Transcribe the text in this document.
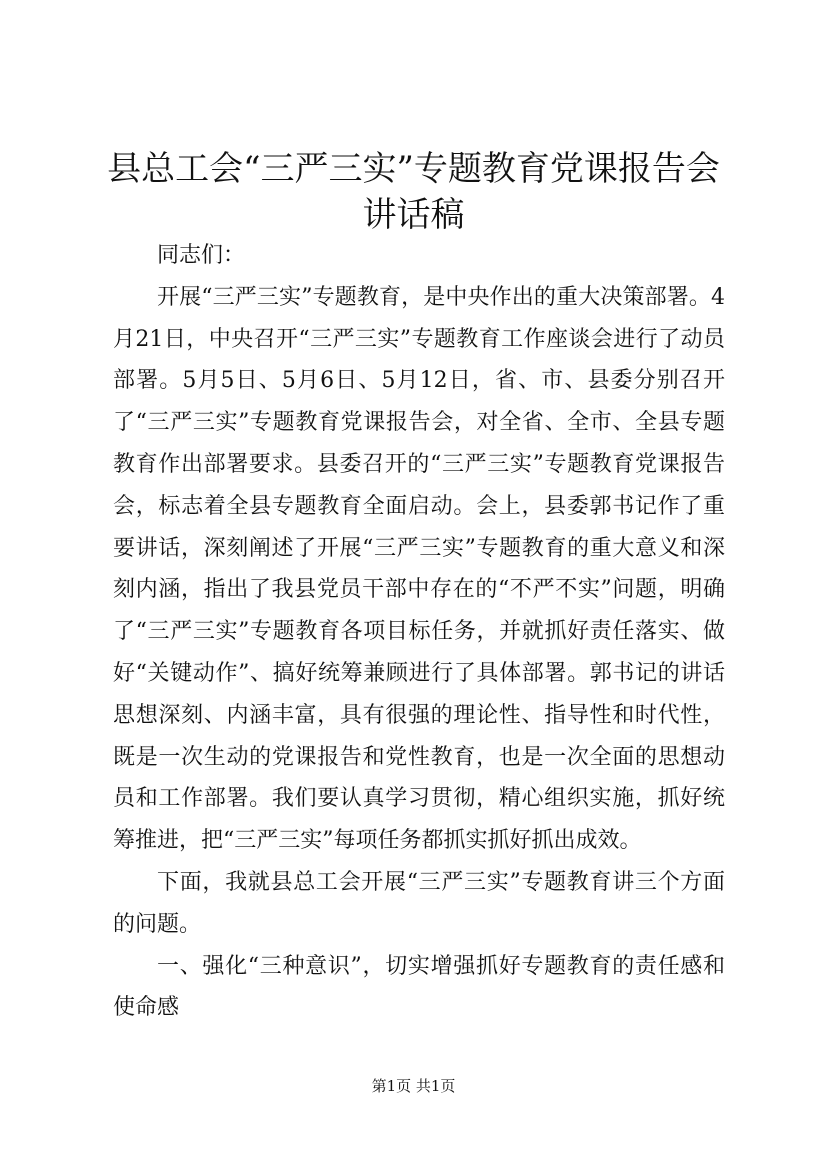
县总工会“三严三实”专题教育党课报告会讲话稿

同志们：

开展“三严三实”专题教育，是中央作出的重大决策部署。4月21日，中央召开“三严三实”专题教育工作座谈会进行了动员部署。5月5日、5月6日、5月12日，省、市、县委分别召开了“三严三实”专题教育党课报告会，对全省、全市、全县专题教育作出部署要求。县委召开的“三严三实”专题教育党课报告会，标志着全县专题教育全面启动。会上，县委郭书记作了重要讲话，深刻阐述了开展“三严三实”专题教育的重大意义和深刻内涵，指出了我县党员干部中存在的“不严不实”问题，明确了“三严三实”专题教育各项目标任务，并就抓好责任落实、做好“关键动作”、搞好统筹兼顾进行了具体部署。郭书记的讲话思想深刻、内涵丰富，具有很强的理论性、指导性和时代性，既是一次生动的党课报告和党性教育，也是一次全面的思想动员和工作部署。我们要认真学习贯彻，精心组织实施，抓好统筹推进，把“三严三实”每项任务都抓实抓好抓出成效。

下面，我就县总工会开展“三严三实”专题教育讲三个方面的问题。

一、强化“三种意识”，切实增强抓好专题教育的责任感和使命感

第1页 共1页
